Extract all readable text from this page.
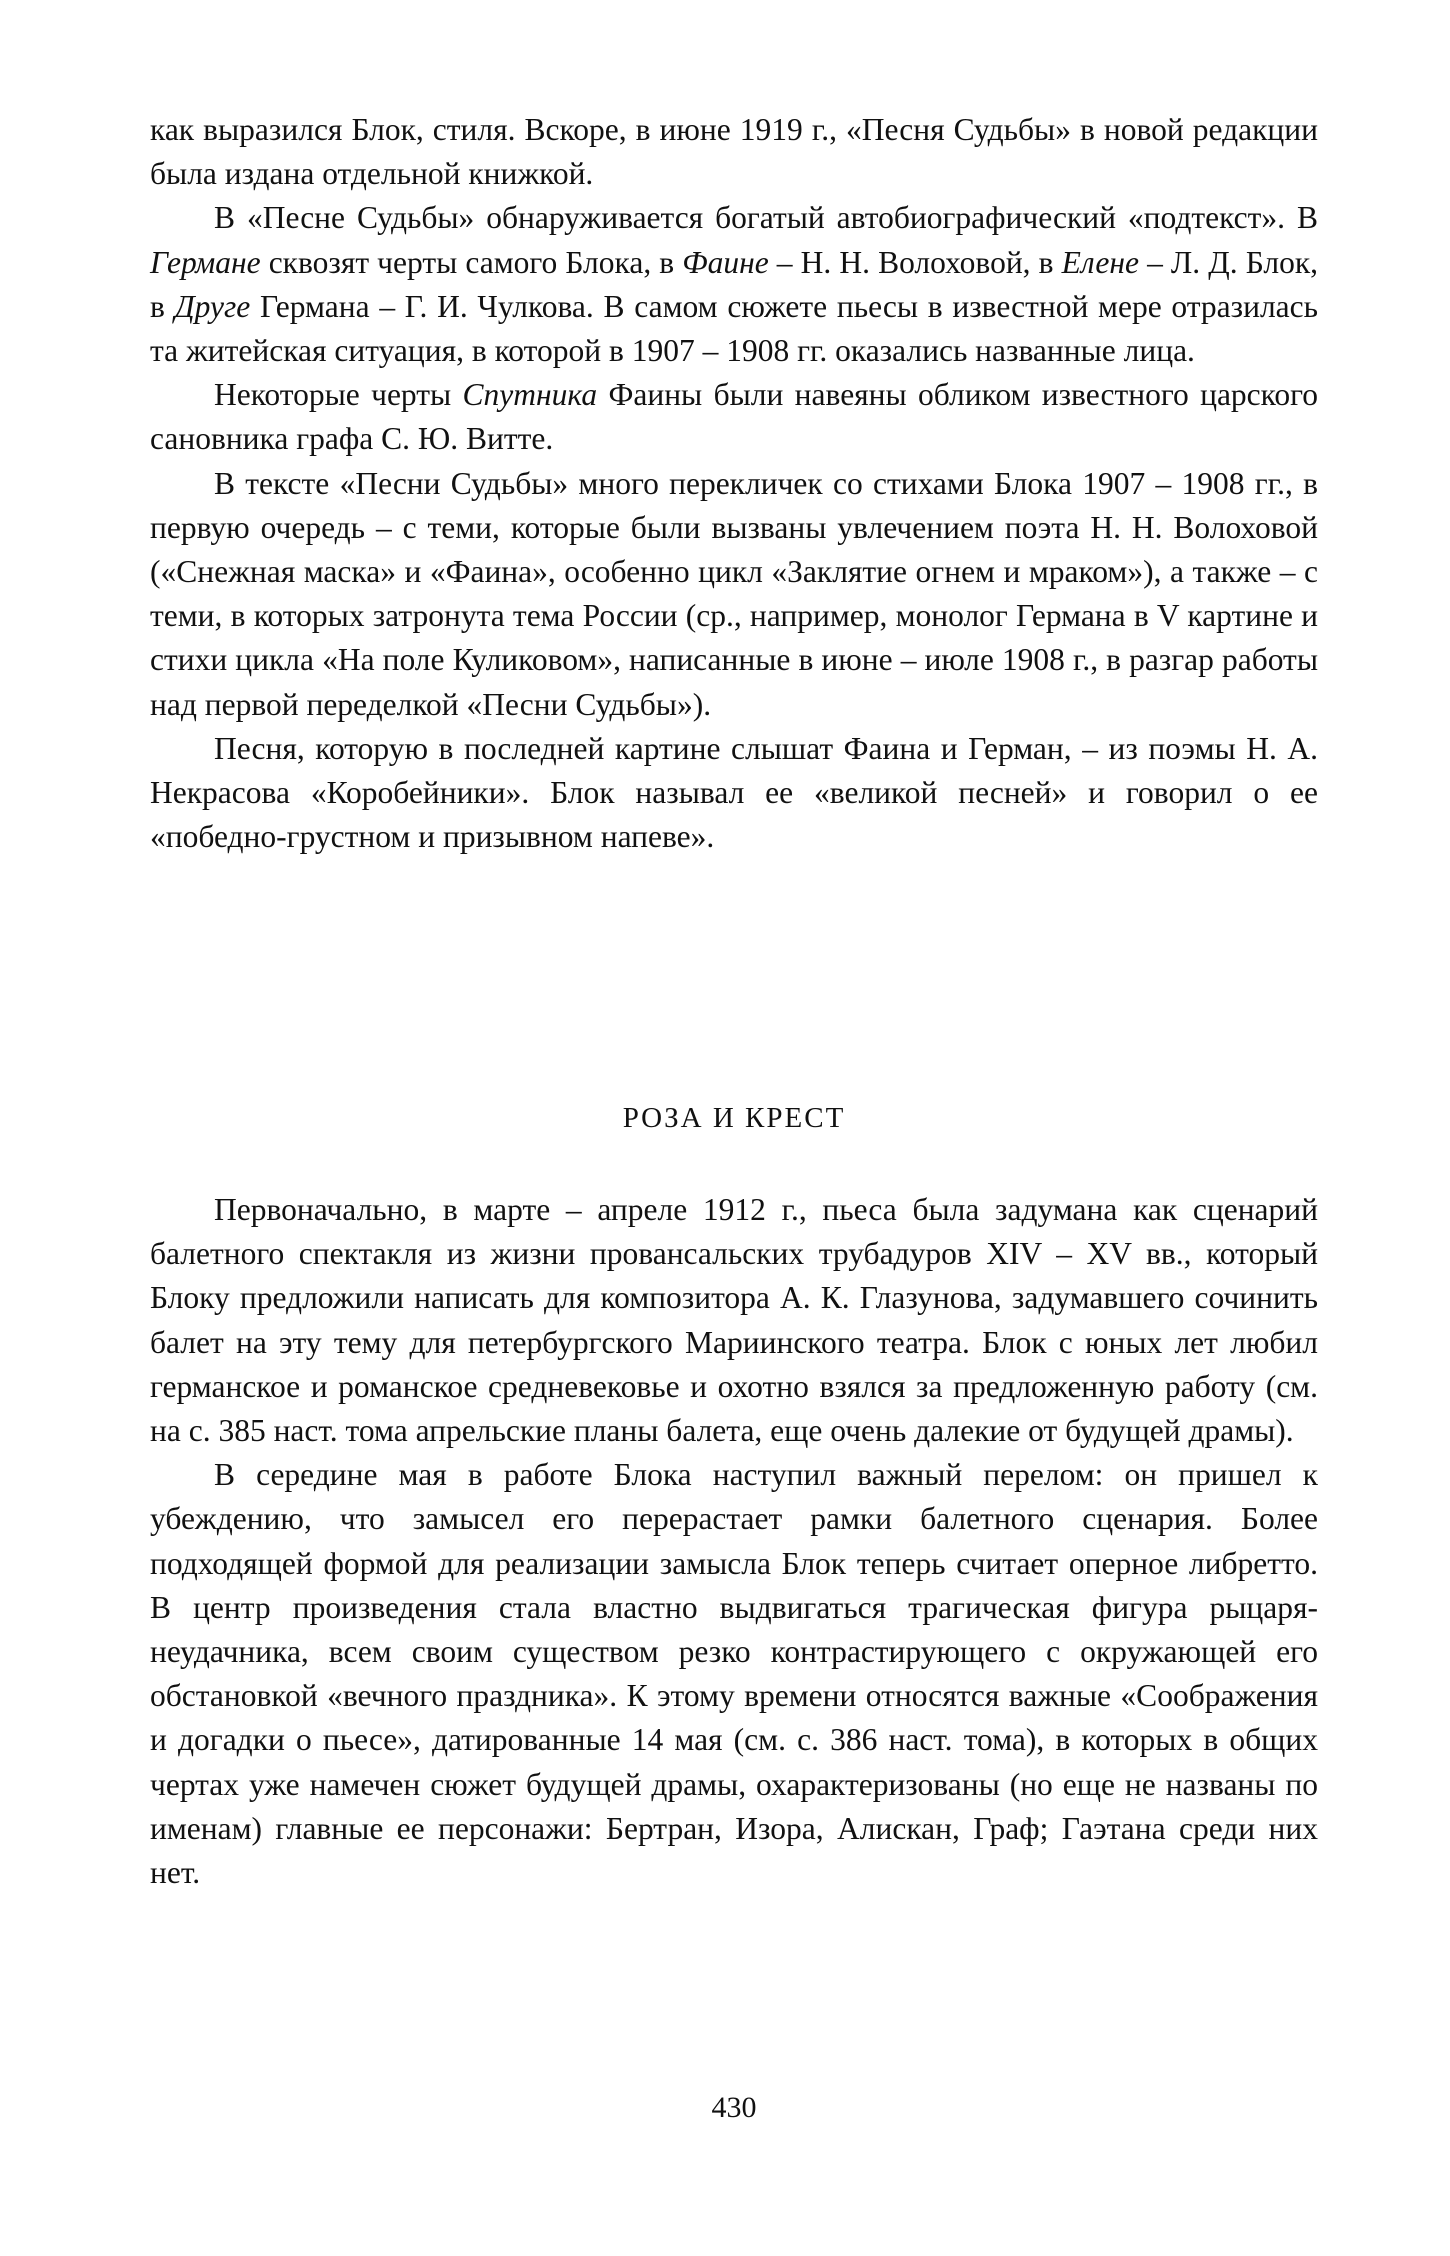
как выразился Блок, стиля. Вскоре, в июне 1919 г., «Песня Судьбы» в новой редакции была издана отдельной книжкой.

В «Песне Судьбы» обнаруживается богатый автобиографический «подтекст». В Германе сквозят черты самого Блока, в Фаине – Н. Н. Волоховой, в Елене – Л. Д. Блок, в Друге Германа – Г. И. Чулкова. В самом сюжете пьесы в известной мере отразилась та житейская ситуация, в которой в 1907 – 1908 гг. оказались названные лица.

Некоторые черты Спутника Фаины были навеяны обликом известного царского сановника графа С. Ю. Витте.

В тексте «Песни Судьбы» много перекличек со стихами Блока 1907 – 1908 гг., в первую очередь – с теми, которые были вызваны увлечением поэта Н. Н. Волоховой («Снежная маска» и «Фаина», особенно цикл «Заклятие огнем и мраком»), а также – с теми, в которых затронута тема России (ср., например, монолог Германа в V картине и стихи цикла «На поле Куликовом», написанные в июне – июле 1908 г., в разгар работы над первой переделкой «Песни Судьбы»).

Песня, которую в последней картине слышат Фаина и Герман, – из поэмы Н. А. Некрасова «Коробейники». Блок называл ее «великой песней» и говорил о ее «победно-грустном и призывном напеве».

РОЗА И КРЕСТ

Первоначально, в марте – апреле 1912 г., пьеса была задумана как сценарий балетного спектакля из жизни провансальских трубадуров XIV – XV вв., который Блоку предложили написать для композитора А. К. Глазунова, задумавшего сочинить балет на эту тему для петербургского Мариинского театра. Блок с юных лет любил германское и романское средневековье и охотно взялся за предложенную работу (см. на с. 385 наст. тома апрельские планы балета, еще очень далекие от будущей драмы).

В середине мая в работе Блока наступил важный перелом: он пришел к убеждению, что замысел его перерастает рамки балетного сценария. Более подходящей формой для реализации замысла Блок теперь считает оперное либретто. В центр произведения стала властно выдвигаться трагическая фигура рыцаря-неудачника, всем своим существом резко контрастирующего с окружающей его обстановкой «вечного праздника». К этому времени относятся важные «Соображения и догадки о пьесе», датированные 14 мая (см. с. 386 наст. тома), в которых в общих чертах уже намечен сюжет будущей драмы, охарактеризованы (но еще не названы по именам) главные ее персонажи: Бертран, Изора, Алискан, Граф; Гаэтана среди них нет.

430
